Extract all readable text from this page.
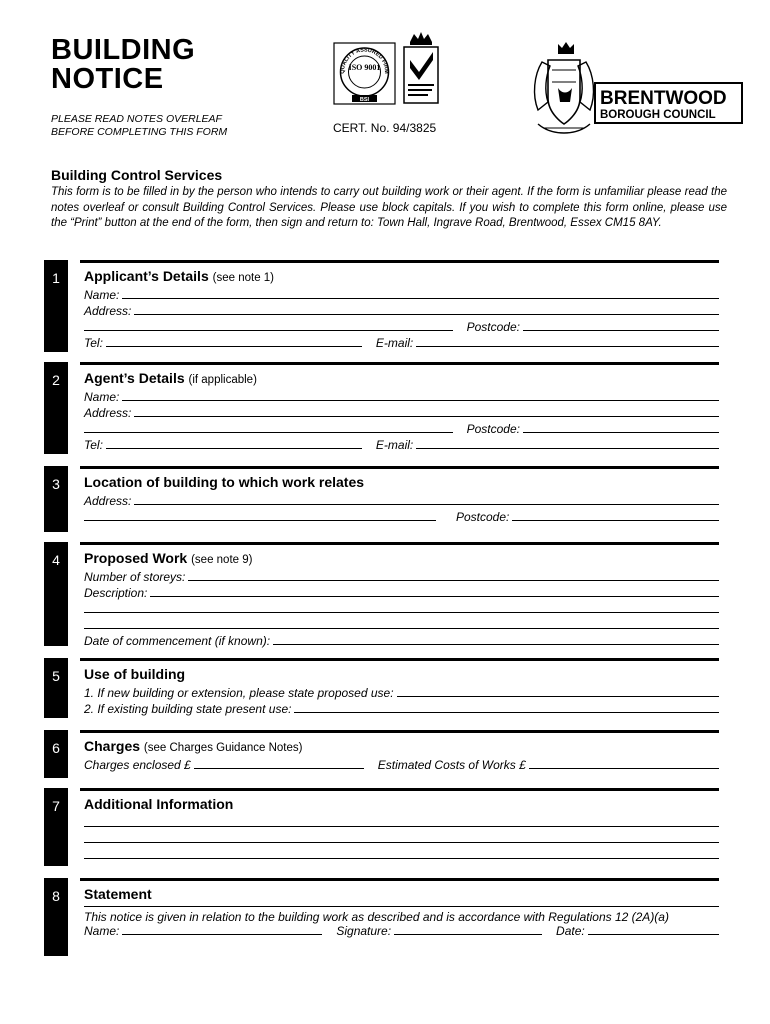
BUILDING
NOTICE
PLEASE READ NOTES OVERLEAF
BEFORE COMPLETING THIS FORM
QUALITY ASSURED FIRM
ISO 9001
BSI
CERT. No. 94/3825
BRENTWOOD
BOROUGH COUNCIL
Building Control Services
This form is to be filled in by the person who intends to carry out building work or their agent. If the form is unfamiliar please read the notes overleaf or consult Building Control Services. Please use block capitals. If you wish to complete this form online, please use the “Print” button at the end of the form, then sign and return to: Town Hall, Ingrave Road, Brentwood, Essex CM15 8AY.
1	Applicant’s Details (see note 1)
Name:
Address:
Postcode:
Tel:	E-mail:
2	Agent’s Details (if applicable)
Name:
Address:
Postcode:
Tel:	E-mail:
3	Location of building to which work relates
Address:
Postcode:
4	Proposed Work (see note 9)
Number of storeys:
Description:
Date of commencement (if known):
5	Use of building
1. If new building or extension, please state proposed use:
2. If existing building state present use:
6	Charges (see Charges Guidance Notes)
Charges enclosed £	Estimated Costs of Works £
7	Additional Information
8	Statement
This notice is given in relation to the building work as described and is accordance with Regulations 12 (2A)(a)
Name:	Signature:	Date:
